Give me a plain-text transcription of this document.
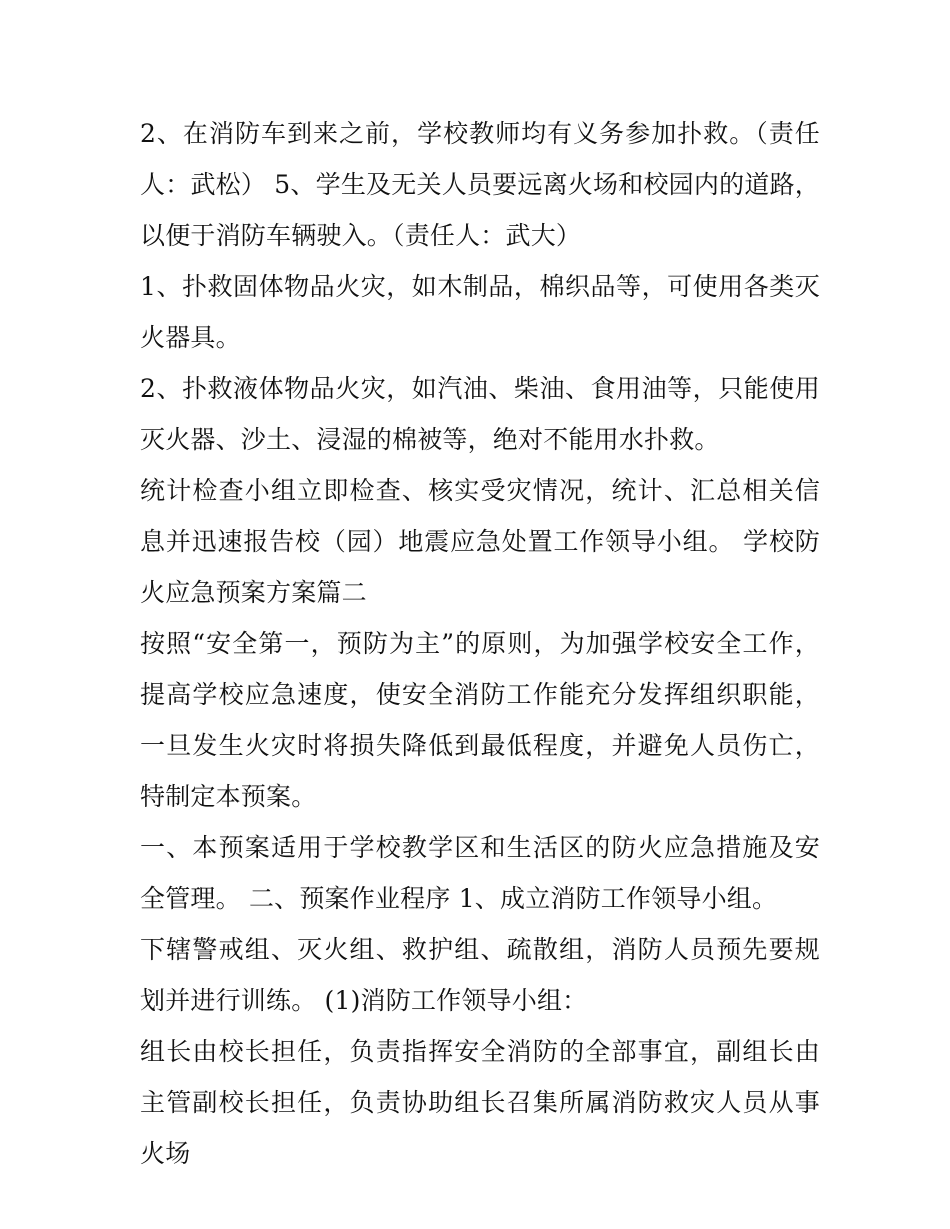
2、在消防车到来之前，学校教师均有义务参加扑救。（责任人：武松） 5、学生及无关人员要远离火场和校园内的道路，以便于消防车辆驶入。（责任人：武大）

1、扑救固体物品火灾，如木制品，棉织品等，可使用各类灭火器具。

2、扑救液体物品火灾，如汽油、柴油、食用油等，只能使用灭火器、沙土、浸湿的棉被等，绝对不能用水扑救。

统计检查小组立即检查、核实受灾情况，统计、汇总相关信息并迅速报告校（园）地震应急处置工作领导小组。 学校防火应急预案方案篇二

按照“安全第一，预防为主”的原则，为加强学校安全工作，提高学校应急速度，使安全消防工作能充分发挥组织职能，一旦发生火灾时将损失降低到最低程度，并避免人员伤亡，特制定本预案。

一、本预案适用于学校教学区和生活区的防火应急措施及安全管理。 二、预案作业程序 1、成立消防工作领导小组。

下辖警戒组、灭火组、救护组、疏散组，消防人员预先要规划并进行训练。 (1)消防工作领导小组：

组长由校长担任，负责指挥安全消防的全部事宜，副组长由主管副校长担任，负责协助组长召集所属消防救灾人员从事火场
